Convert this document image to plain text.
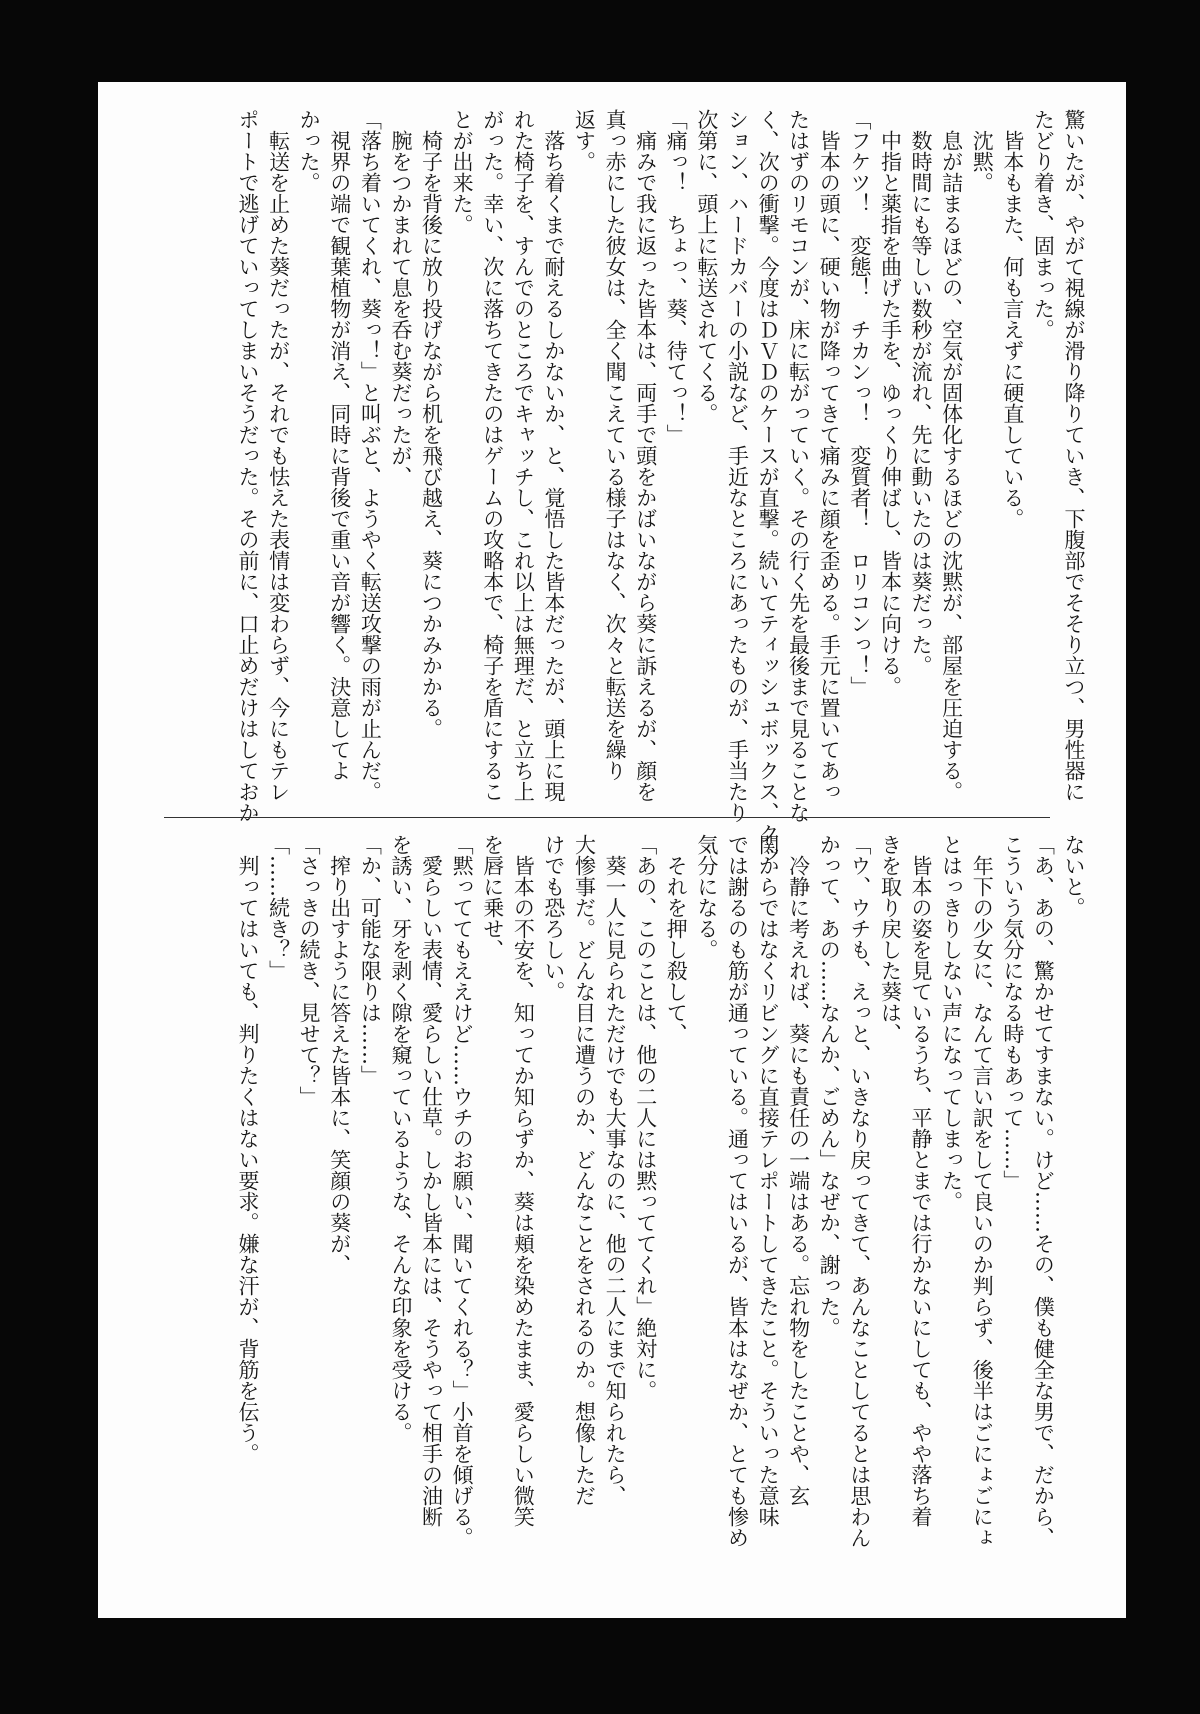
驚いたが、やがて視線が滑り降りていき、下腹部でそそり立つ、男性器に
たどり着き、固まった。
　皆本もまた、何も言えずに硬直している。
　沈黙。
　息が詰まるほどの、空気が固体化するほどの沈黙が、部屋を圧迫する。
　数時間にも等しい数秒が流れ、先に動いたのは葵だった。
　中指と薬指を曲げた手を、ゆっくり伸ばし、皆本に向ける。
「フケツ！　変態！　チカンっ！　変質者！　ロリコンっ！」
　皆本の頭に、硬い物が降ってきて痛みに顔を歪める。手元に置いてあっ
たはずのリモコンが、床に転がっていく。その行く先を最後まで見ることな
く、次の衝撃。今度はＤＶＤのケースが直撃。続いてティッシュボックス、クッ
ション、ハードカバーの小説など、手近なところにあったものが、手当たり
次第に、頭上に転送されてくる。
「痛っ！　ちょっ、葵、待てっ！」
　痛みで我に返った皆本は、両手で頭をかばいながら葵に訴えるが、顔を
真っ赤にした彼女は、全く聞こえている様子はなく、次々と転送を繰り
返す。
　落ち着くまで耐えるしかないか、と、覚悟した皆本だったが、頭上に現
れた椅子を、すんでのところでキャッチし、これ以上は無理だ、と立ち上
がった。幸い、次に落ちてきたのはゲームの攻略本で、椅子を盾にするこ
とが出来た。
　椅子を背後に放り投げながら机を飛び越え、葵につかみかかる。
　腕をつかまれて息を呑む葵だったが、
「落ち着いてくれ、葵っ！」と叫ぶと、ようやく転送攻撃の雨が止んだ。
　視界の端で観葉植物が消え、同時に背後で重い音が響く。決意してよ
かった。
　転送を止めた葵だったが、それでも怯えた表情は変わらず、今にもテレ
ポートで逃げていってしまいそうだった。その前に、口止めだけはしておか
ないと。
「あ、あの、驚かせてすまない。けど……その、僕も健全な男で、だから、
こういう気分になる時もあって……」
　年下の少女に、なんて言い訳をして良いのか判らず、後半はごにょごにょ
とはっきりしない声になってしまった。
　皆本の姿を見ているうち、平静とまでは行かないにしても、やや落ち着
きを取り戻した葵は、
「ウ、ウチも、えっと、いきなり戻ってきて、あんなことしてるとは思わん
かって、あの……なんか、ごめん」なぜか、謝った。
　冷静に考えれば、葵にも責任の一端はある。忘れ物をしたことや、玄
関からではなくリビングに直接テレポートしてきたこと。そういった意味
では謝るのも筋が通っている。通ってはいるが、皆本はなぜか、とても惨め
気分になる。
　それを押し殺して、
「あの、このことは、他の二人には黙っててくれ」絶対に。
　葵一人に見られただけでも大事なのに、他の二人にまで知られたら、
大惨事だ。どんな目に遭うのか、どんなことをされるのか。想像しただ
けでも恐ろしい。
　皆本の不安を、知ってか知らずか、葵は頬を染めたまま、愛らしい微笑
を唇に乗せ、
「黙っててもええけど……ウチのお願い、聞いてくれる？」小首を傾げる。
　愛らしい表情、愛らしい仕草。しかし皆本には、そうやって相手の油断
を誘い、牙を剥く隙を窺っているような、そんな印象を受ける。
「か、可能な限りは……」
　搾り出すように答えた皆本に、笑顔の葵が、
「さっきの続き、見せて？」
「……続き？」
　判ってはいても、判りたくはない要求。嫌な汗が、背筋を伝う。
